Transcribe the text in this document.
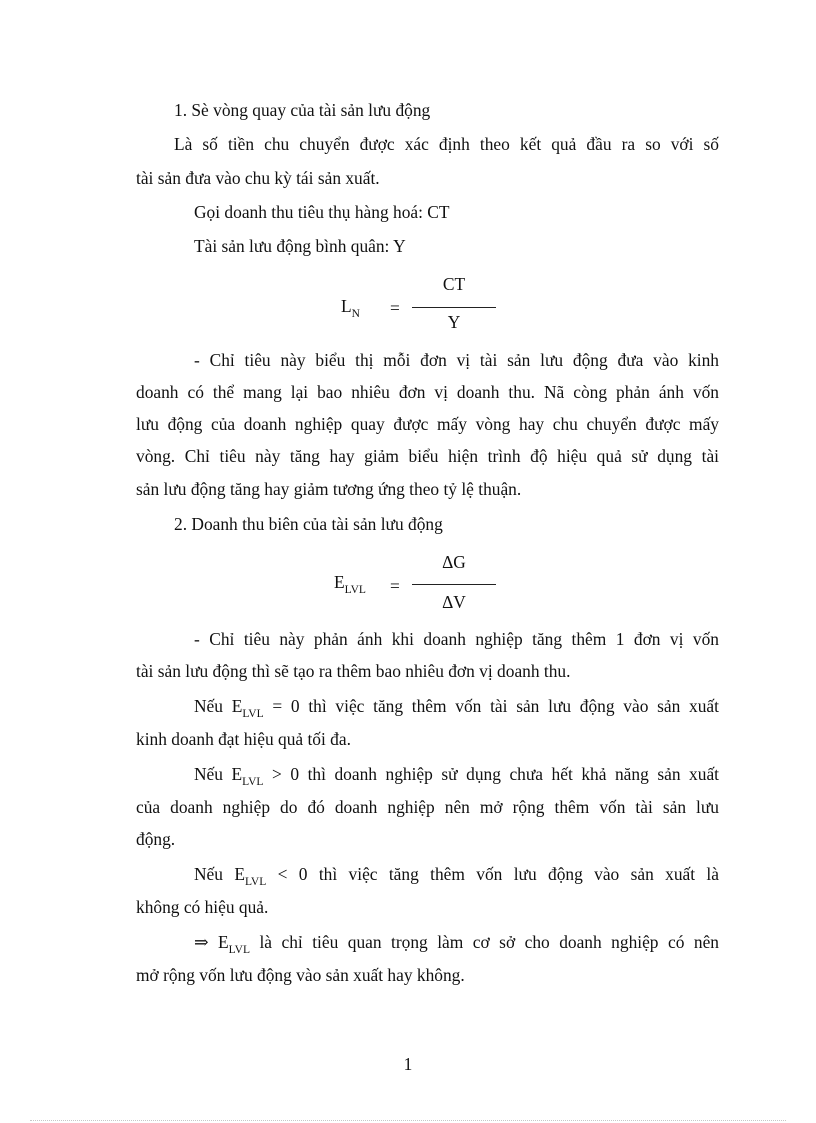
1. Sè vòng quay của tài sản lưu động
Là số tiền chu chuyển được xác định theo kết quả đầu ra so với số
tài sản đưa vào chu kỳ tái sản xuất.
Gọi doanh thu tiêu thụ hàng hoá: CT
Tài sản lưu động bình quân: Y
$L_N$ =
CT
Y
- Chỉ tiêu này biểu thị mỗi đơn vị tài sản lưu động đưa vào kinh
doanh có thể mang lại bao nhiêu đơn vị doanh thu. Nã còng phản ánh vốn
lưu động của doanh nghiệp quay được mấy vòng hay chu chuyển được mấy
vòng. Chỉ tiêu này tăng hay giảm biểu hiện trình độ hiệu quả sử dụng tài
sản lưu động tăng hay giảm tương ứng theo tỷ lệ thuận.
2. Doanh thu biên của tài sản lưu động
$E_{LVL}$ =
ΔG
ΔV
- Chỉ tiêu này phản ánh khi doanh nghiệp tăng thêm 1 đơn vị vốn
tài sản lưu động thì sẽ tạo ra thêm bao nhiêu đơn vị doanh thu.
Nếu $E_{LVL} = 0$ thì việc tăng thêm vốn tài sản lưu động vào sản xuất
kinh doanh đạt hiệu quả tối đa.
Nếu $E_{LVL} > 0$ thì doanh nghiệp sử dụng chưa hết khả năng sản xuất
của doanh nghiệp do đó doanh nghiệp nên mở rộng thêm vốn tài sản lưu
động.
Nếu $E_{LVL} < 0$ thì việc tăng thêm vốn lưu động vào sản xuất là
không có hiệu quả.
⇒ $E_{LVL}$ là chỉ tiêu quan trọng làm cơ sở cho doanh nghiệp có nên
mở rộng vốn lưu động vào sản xuất hay không.
1
